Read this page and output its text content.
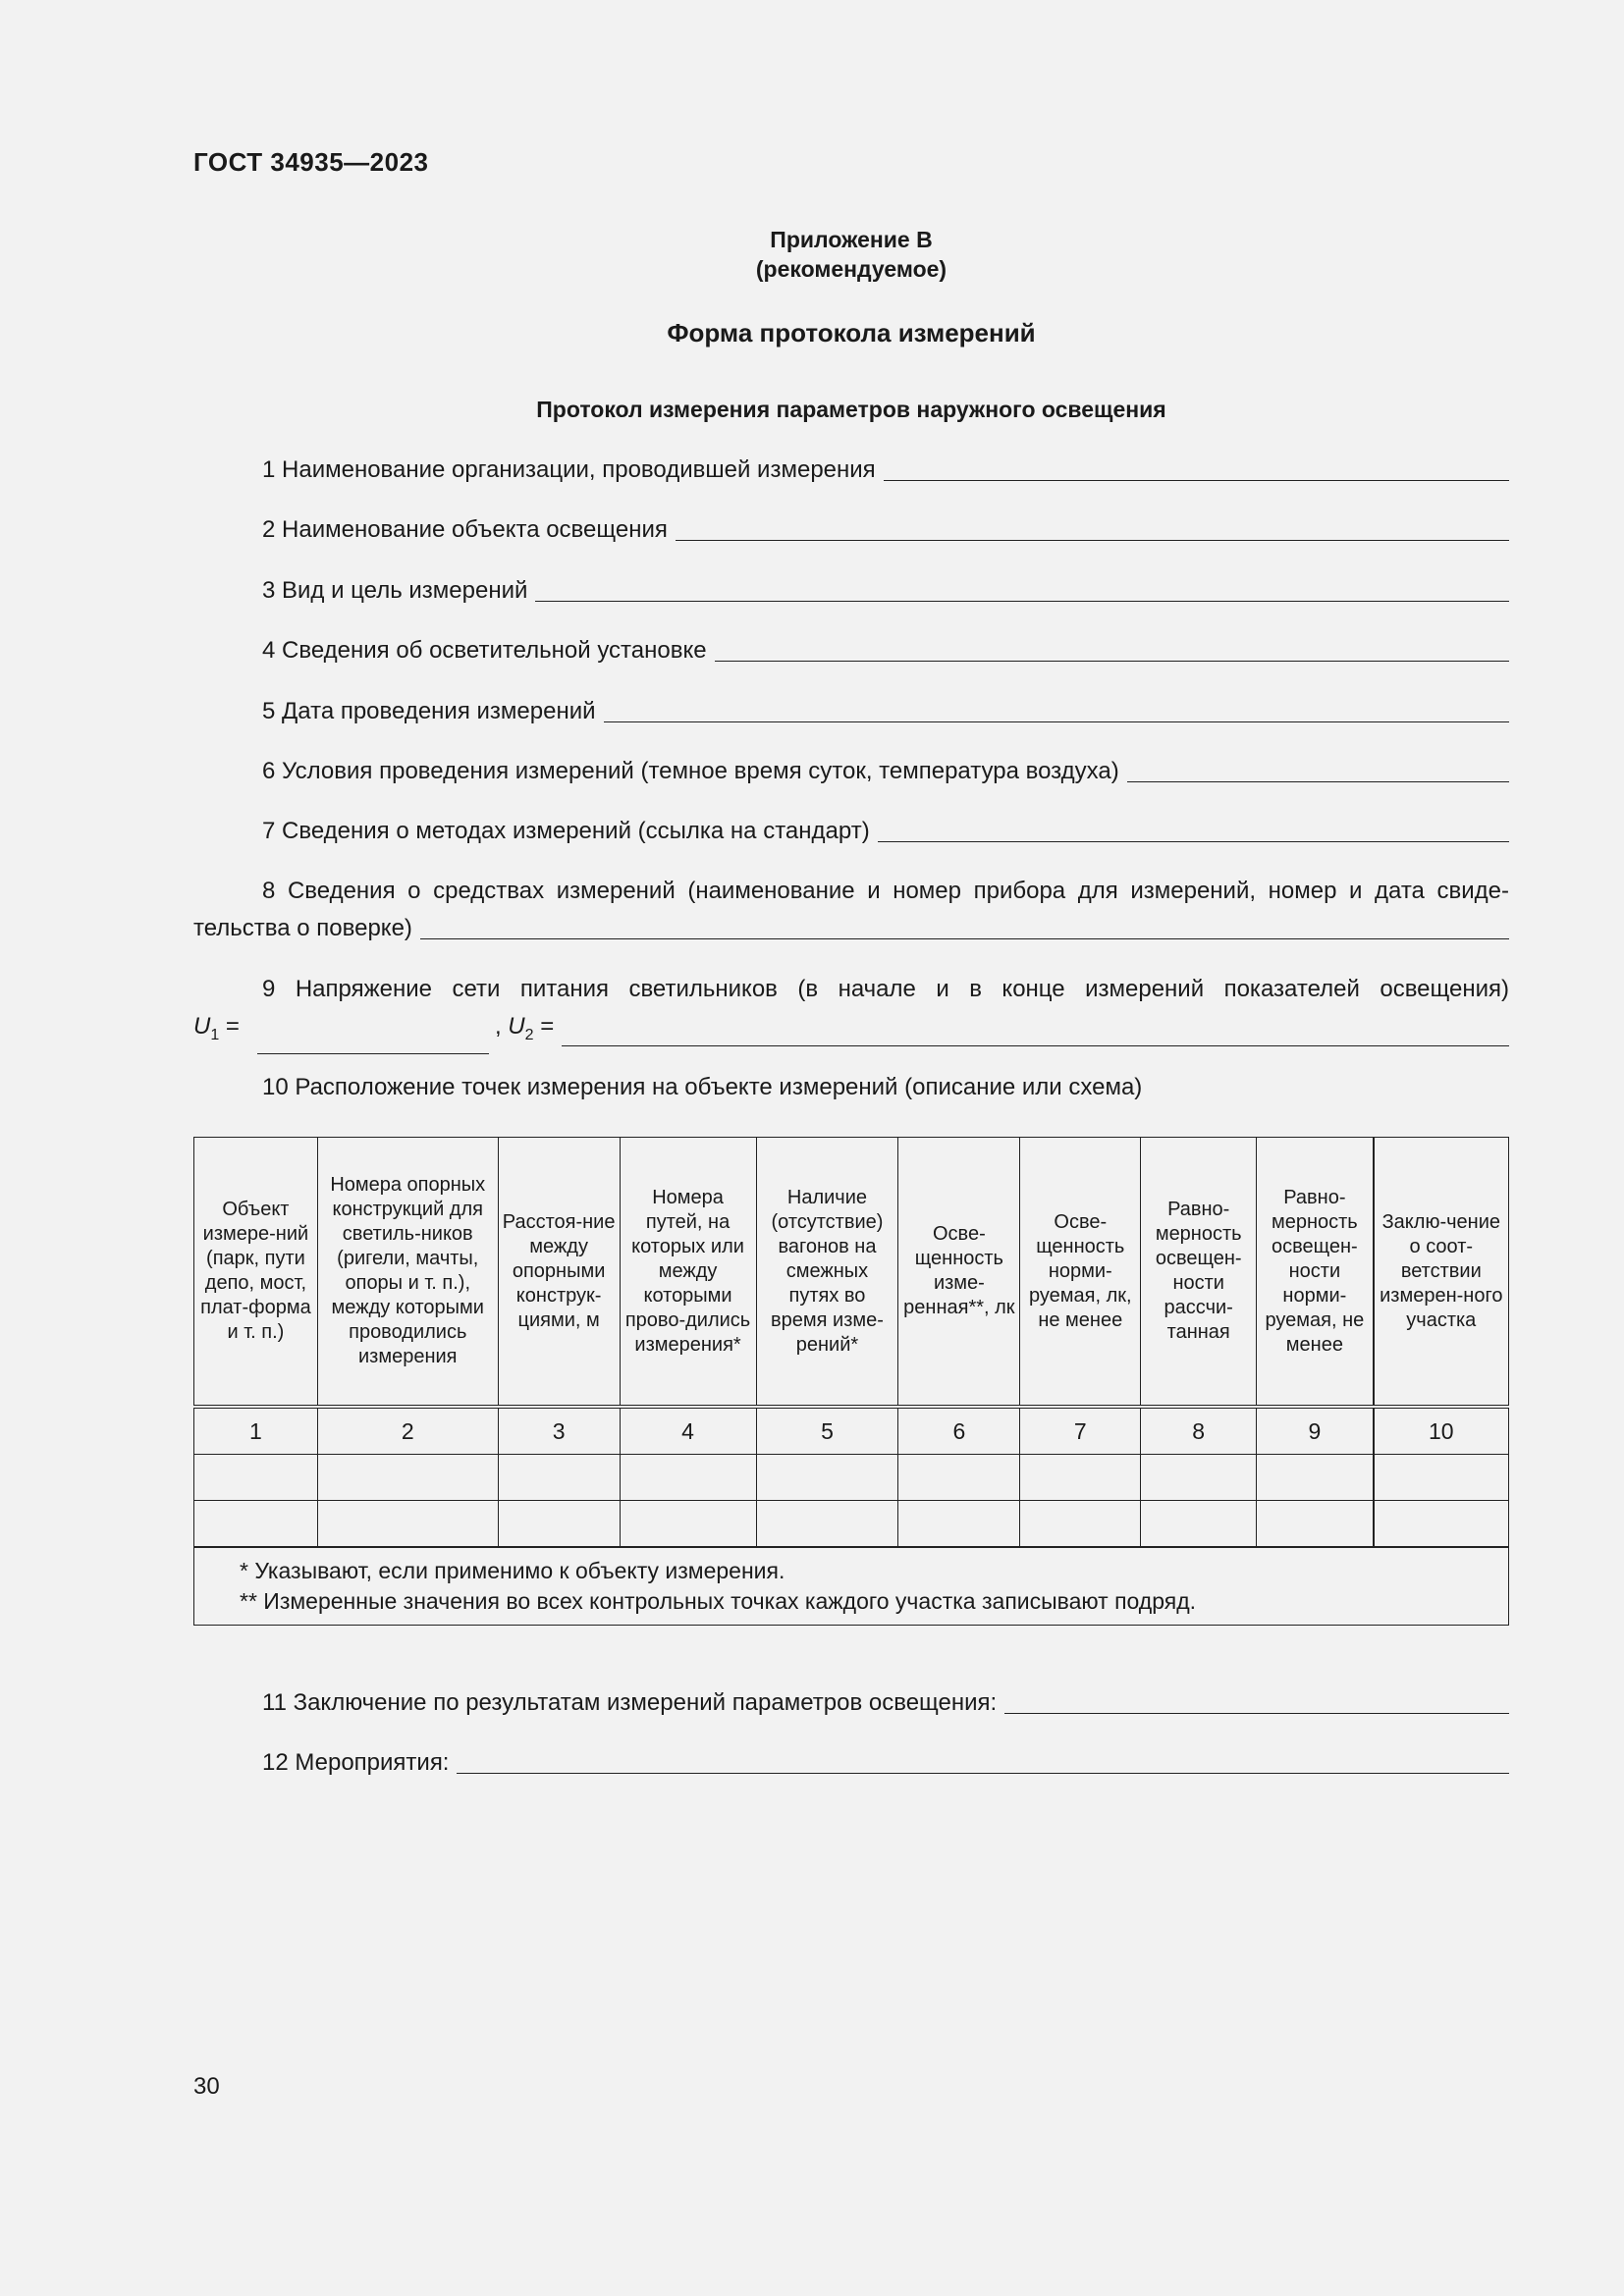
ГОСТ 34935—2023
Приложение В
(рекомендуемое)
Форма протокола измерений
Протокол измерения параметров наружного освещения
1 Наименование организации, проводившей измерения
2 Наименование объекта освещения
3 Вид и цель измерений
4 Сведения об осветительной установке
5 Дата проведения измерений
6 Условия проведения измерений (темное время суток, температура воздуха)
7 Сведения о методах измерений (ссылка на стандарт)
8 Сведения о средствах измерений (наименование и номер прибора для измерений, номер и дата свиде-
тельства о поверке)
9 Напряжение сети питания светильников (в начале и в конце измерений показателей освещения)
$U_1$ =	, $U_2$ =
10 Расположение точек измерения на объекте измерений (описание или схема)
Объект измере-ний (парк, пути депо, мост, плат-форма и т. п.)	Номера опорных конструкций для светиль-ников (ригели, мачты, опоры и т. п.), между которыми проводились измерения	Расстоя-ние между опорными конструк-циями, м	Номера путей, на которых или между которыми прово-дились измерения*	Наличие (отсутствие) вагонов на смежных путях во время изме-рений*	Осве-щенность изме-ренная**, лк	Осве-щенность норми-руемая, лк, не менее	Равно-мерность освещен-ности рассчи-танная	Равно-мерность освещен-ности норми-руемая, не менее	Заклю-чение о соот-ветствии измерен-ного участка
1	2	3	4	5	6	7	8	9	10

* Указывают, если применимо к объекту измерения.
** Измеренные значения во всех контрольных точках каждого участка записывают подряд.									
11 Заключение по результатам измерений параметров освещения:
12 Мероприятия:
30
